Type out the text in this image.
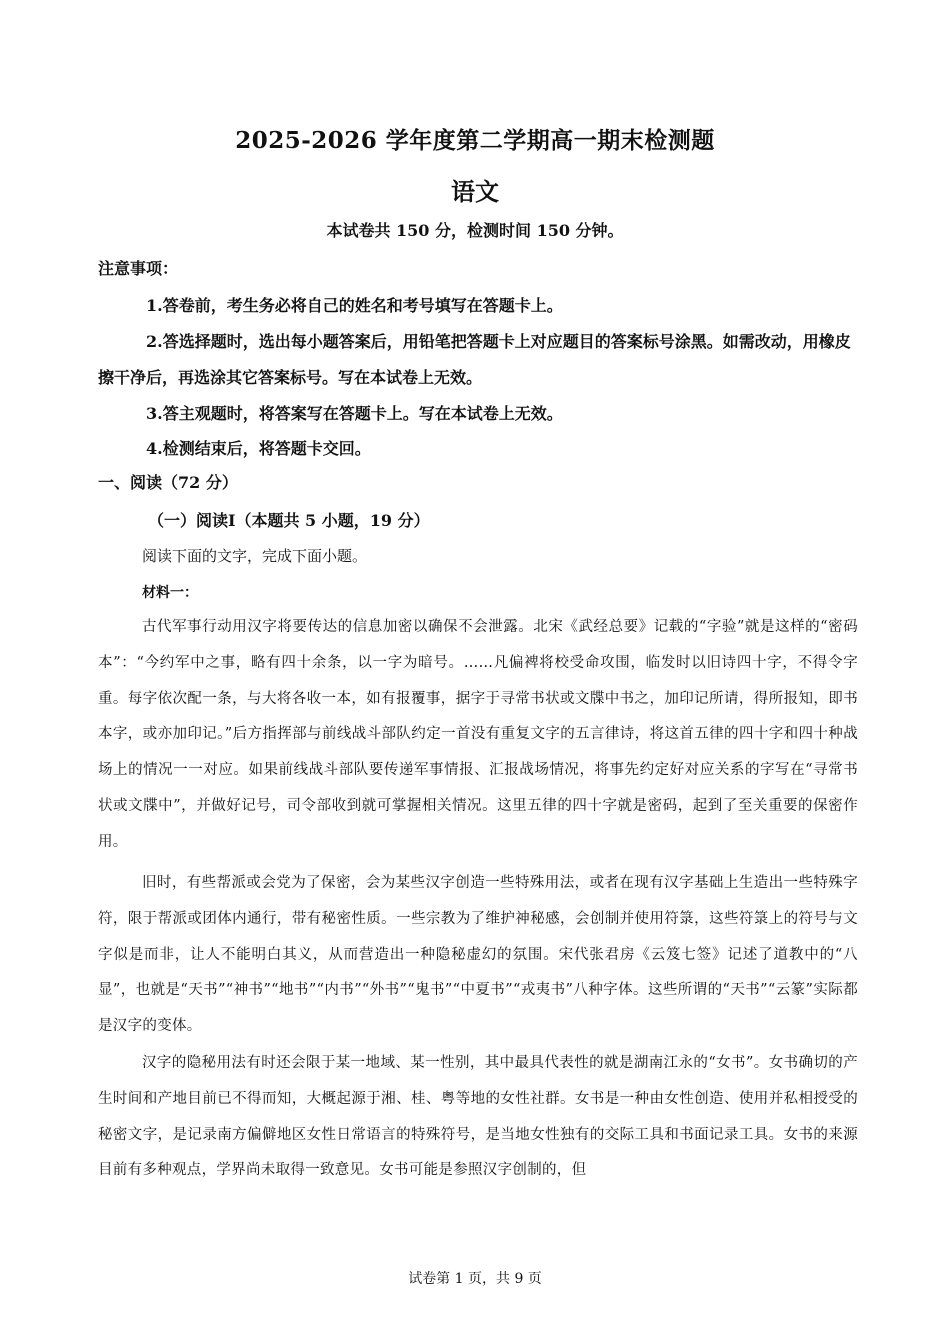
2025-2026 学年度第二学期高一期末检测题
语文
本试卷共 150 分，检测时间 150 分钟。
注意事项：

1.答卷前，考生务必将自己的姓名和考号填写在答题卡上。

2.答选择题时，选出每小题答案后，用铅笔把答题卡上对应题目的答案标号涂黑。如需改动，用橡皮擦干净后，再选涂其它答案标号。写在本试卷上无效。

3.答主观题时，将答案写在答题卡上。写在本试卷上无效。

4.检测结束后，将答题卡交回。

一、阅读（72 分）
（一）阅读Ⅰ（本题共 5 小题，19 分）
阅读下面的文字，完成下面小题。
材料一：

古代军事行动用汉字将要传达的信息加密以确保不会泄露。北宋《武经总要》记载的“字验”就是这样的“密码本”：“今约军中之事，略有四十余条，以一字为暗号。……凡偏裨将校受命攻围，临发时以旧诗四十字，不得令字重。每字依次配一条，与大将各收一本，如有报覆事，据字于寻常书状或文牒中书之，加印记所请，得所报知，即书本字，或亦加印记。”后方指挥部与前线战斗部队约定一首没有重复文字的五言律诗，将这首五律的四十字和四十种战场上的情况一一对应。如果前线战斗部队要传递军事情报、汇报战场情况，将事先约定好对应关系的字写在“寻常书状或文牒中”，并做好记号，司令部收到就可掌握相关情况。这里五律的四十字就是密码，起到了至关重要的保密作用。

旧时，有些帮派或会党为了保密，会为某些汉字创造一些特殊用法，或者在现有汉字基础上生造出一些特殊字符，限于帮派或团体内通行，带有秘密性质。一些宗教为了维护神秘感，会创制并使用符箓，这些符箓上的符号与文字似是而非，让人不能明白其义，从而营造出一种隐秘虚幻的氛围。宋代张君房《云笈七签》记述了道教中的“八显”，也就是“天书”“神书”“地书”“内书”“外书”“鬼书”“中夏书”“戎夷书”八种字体。这些所谓的“天书”“云篆”实际都是汉字的变体。

汉字的隐秘用法有时还会限于某一地域、某一性别，其中最具代表性的就是湖南江永的“女书”。女书确切的产生时间和产地目前已不得而知，大概起源于湘、桂、粤等地的女性社群。女书是一种由女性创造、使用并私相授受的秘密文字，是记录南方偏僻地区女性日常语言的特殊符号，是当地女性独有的交际工具和书面记录工具。女书的来源目前有多种观点，学界尚未取得一致意见。女书可能是参照汉字创制的，但

试卷第 1 页，共 9 页
